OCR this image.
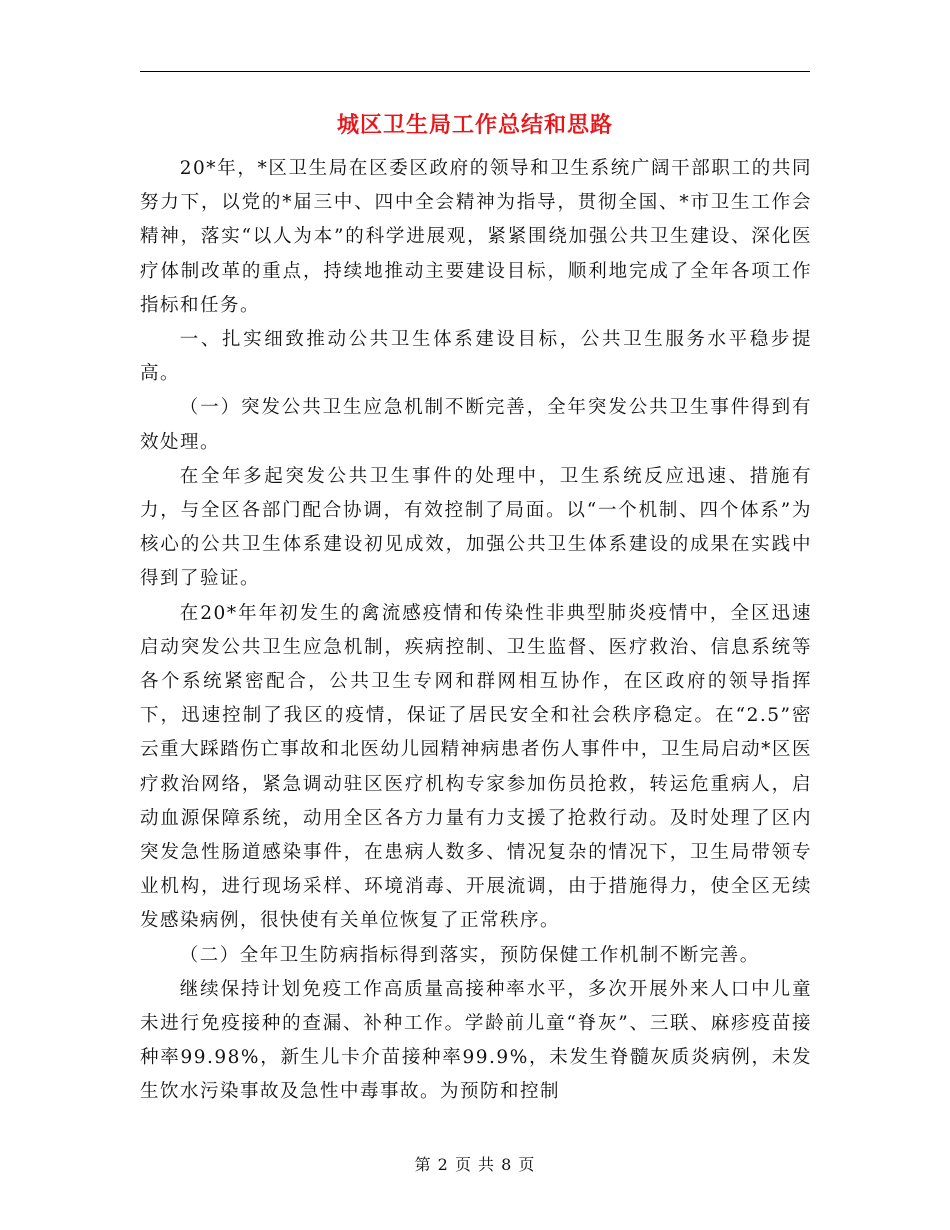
城区卫生局工作总结和思路

20*年，*区卫生局在区委区政府的领导和卫生系统广阔干部职工的共同努力下，以党的*届三中、四中全会精神为指导，贯彻全国、*市卫生工作会精神，落实“以人为本”的科学进展观，紧紧围绕加强公共卫生建设、深化医疗体制改革的重点，持续地推动主要建设目标，顺利地完成了全年各项工作指标和任务。

一、扎实细致推动公共卫生体系建设目标，公共卫生服务水平稳步提高。

（一）突发公共卫生应急机制不断完善，全年突发公共卫生事件得到有效处理。

在全年多起突发公共卫生事件的处理中，卫生系统反应迅速、措施有力，与全区各部门配合协调，有效控制了局面。以“一个机制、四个体系”为核心的公共卫生体系建设初见成效，加强公共卫生体系建设的成果在实践中得到了验证。

在20*年年初发生的禽流感疫情和传染性非典型肺炎疫情中，全区迅速启动突发公共卫生应急机制，疾病控制、卫生监督、医疗救治、信息系统等各个系统紧密配合，公共卫生专网和群网相互协作，在区政府的领导指挥下，迅速控制了我区的疫情，保证了居民安全和社会秩序稳定。在“2.5”密云重大踩踏伤亡事故和北医幼儿园精神病患者伤人事件中，卫生局启动*区医疗救治网络，紧急调动驻区医疗机构专家参加伤员抢救，转运危重病人，启动血源保障系统，动用全区各方力量有力支援了抢救行动。及时处理了区内突发急性肠道感染事件，在患病人数多、情况复杂的情况下，卫生局带领专业机构，进行现场采样、环境消毒、开展流调，由于措施得力，使全区无续发感染病例，很快使有关单位恢复了正常秩序。

（二）全年卫生防病指标得到落实，预防保健工作机制不断完善。

继续保持计划免疫工作高质量高接种率水平，多次开展外来人口中儿童未进行免疫接种的查漏、补种工作。学龄前儿童“脊灰”、三联、麻疹疫苗接种率99.98%，新生儿卡介苗接种率99.9%，未发生脊髓灰质炎病例，未发生饮水污染事故及急性中毒事故。为预防和控制

第 2 页 共 8 页
